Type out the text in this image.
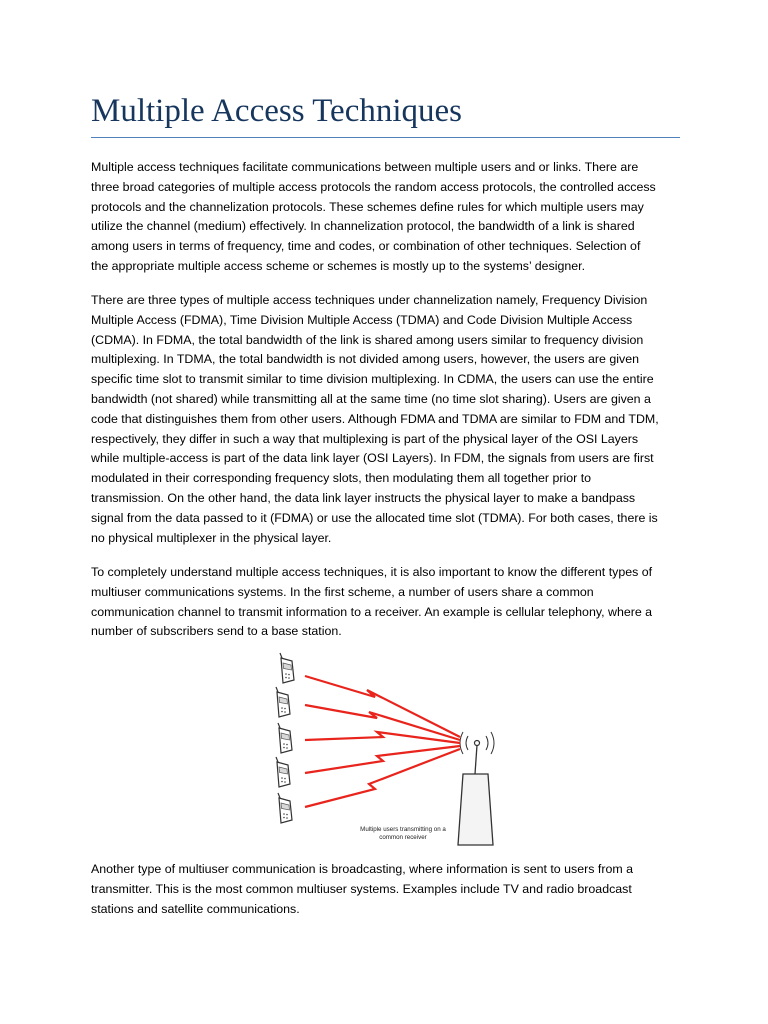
Multiple Access Techniques

Multiple access techniques facilitate communications between multiple users and or links. There are
three broad categories of multiple access protocols the random access protocols, the controlled access
protocols and the channelization protocols. These schemes define rules for which multiple users may
utilize the channel (medium) effectively. In channelization protocol, the bandwidth of a link is shared
among users in terms of frequency, time and codes, or combination of other techniques. Selection of
the appropriate multiple access scheme or schemes is mostly up to the systems’ designer.

There are three types of multiple access techniques under channelization namely, Frequency Division
Multiple Access (FDMA), Time Division Multiple Access (TDMA) and Code Division Multiple Access
(CDMA). In FDMA, the total bandwidth of the link is shared among users similar to frequency division
multiplexing. In TDMA, the total bandwidth is not divided among users, however, the users are given
specific time slot to transmit similar to time division multiplexing. In CDMA, the users can use the entire
bandwidth (not shared) while transmitting all at the same time (no time slot sharing). Users are given a
code that distinguishes them from other users. Although FDMA and TDMA are similar to FDM and TDM,
respectively, they differ in such a way that multiplexing is part of the physical layer of the OSI Layers
while multiple-access is part of the data link layer (OSI Layers). In FDM, the signals from users are first
modulated in their corresponding frequency slots, then modulating them all together prior to
transmission. On the other hand, the data link layer instructs the physical layer to make a bandpass
signal from the data passed to it (FDMA) or use the allocated time slot (TDMA). For both cases, there is
no physical multiplexer in the physical layer.

To completely understand multiple access techniques, it is also important to know the different types of
multiuser communications systems. In the first scheme, a number of users share a common
communication channel to transmit information to a receiver. An example is cellular telephony, where a
number of subscribers send to a base station.

Multiple users transmitting on a
common receiver

Another type of multiuser communication is broadcasting, where information is sent to users from a
transmitter. This is the most common multiuser systems. Examples include TV and radio broadcast
stations and satellite communications.
